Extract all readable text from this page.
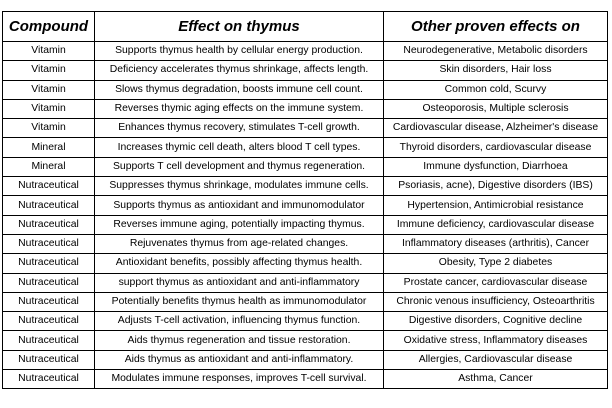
Compound	Effect on thymus	Other proven effects on
Vitamin	Supports thymus health by cellular energy production.	Neurodegenerative, Metabolic disorders
Vitamin	Deficiency accelerates thymus shrinkage, affects length.	Skin disorders, Hair loss
Vitamin	Slows thymus degradation, boosts immune cell count.	Common cold, Scurvy
Vitamin	Reverses thymic aging effects on the immune system.	Osteoporosis, Multiple sclerosis
Vitamin	Enhances thymus recovery, stimulates T-cell growth.	Cardiovascular disease, Alzheimer's disease
Mineral	Increases thymic cell death, alters blood T cell types.	Thyroid disorders, cardiovascular disease
Mineral	Supports T cell development and thymus regeneration.	Immune dysfunction, Diarrhoea
Nutraceutical	Suppresses thymus shrinkage, modulates immune cells.	Psoriasis, acne), Digestive disorders (IBS)
Nutraceutical	Supports thymus as antioxidant and immunomodulator	Hypertension, Antimicrobial resistance
Nutraceutical	Reverses immune aging, potentially impacting thymus.	Immune deficiency, cardiovascular disease
Nutraceutical	Rejuvenates thymus from age-related changes.	Inflammatory diseases (arthritis), Cancer
Nutraceutical	Antioxidant benefits, possibly affecting thymus health.	Obesity, Type 2 diabetes
Nutraceutical	support thymus as antioxidant and anti-inflammatory	Prostate cancer, cardiovascular disease
Nutraceutical	Potentially benefits thymus health as immunomodulator	Chronic venous insufficiency, Osteoarthritis
Nutraceutical	Adjusts T-cell activation, influencing thymus function.	Digestive disorders, Cognitive decline
Nutraceutical	Aids thymus regeneration and tissue restoration.	Oxidative stress, Inflammatory diseases
Nutraceutical	Aids thymus as antioxidant and anti-inflammatory.	Allergies, Cardiovascular disease
Nutraceutical	Modulates immune responses, improves T-cell survival.	Asthma, Cancer
